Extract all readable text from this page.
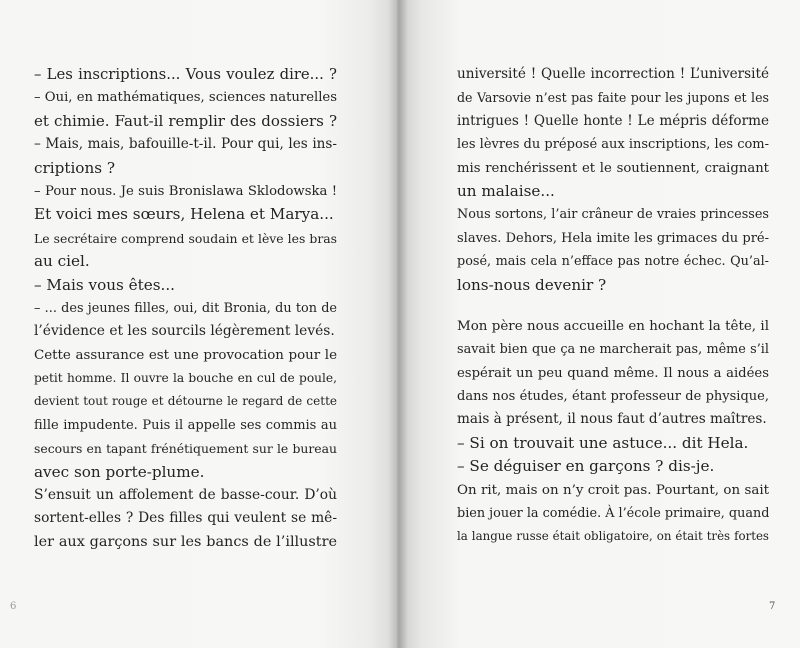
– Les inscriptions... Vous voulez dire... ?
– Oui, en mathématiques, sciences naturelles
et chimie. Faut-il remplir des dossiers ?
– Mais, mais, bafouille-t-il. Pour qui, les ins-
criptions ?
– Pour nous. Je suis Bronislawa Sklodowska !
Et voici mes sœurs, Helena et Marya...
Le secrétaire comprend soudain et lève les bras
au ciel.
– Mais vous êtes...
– ... des jeunes filles, oui, dit Bronia, du ton de
l’évidence et les sourcils légèrement levés.
Cette assurance est une provocation pour le
petit homme. Il ouvre la bouche en cul de poule,
devient tout rouge et détourne le regard de cette
fille impudente. Puis il appelle ses commis au
secours en tapant frénétiquement sur le bureau
avec son porte-plume.
S’ensuit un affolement de basse-cour. D’où
sortent-elles ? Des filles qui veulent se mê-
ler aux garçons sur les bancs de l’illustre
6
université ! Quelle incorrection ! L’université
de Varsovie n’est pas faite pour les jupons et les
intrigues ! Quelle honte ! Le mépris déforme
les lèvres du préposé aux inscriptions, les com-
mis renchérissent et le soutiennent, craignant
un malaise...
Nous sortons, l’air crâneur de vraies princesses
slaves. Dehors, Hela imite les grimaces du pré-
posé, mais cela n’efface pas notre échec. Qu’al-
lons-nous devenir ?
Mon père nous accueille en hochant la tête, il
savait bien que ça ne marcherait pas, même s’il
espérait un peu quand même. Il nous a aidées
dans nos études, étant professeur de physique,
mais à présent, il nous faut d’autres maîtres.
– Si on trouvait une astuce... dit Hela.
– Se déguiser en garçons ? dis-je.
On rit, mais on n’y croit pas. Pourtant, on sait
bien jouer la comédie. À l’école primaire, quand
la langue russe était obligatoire, on était très fortes
7
